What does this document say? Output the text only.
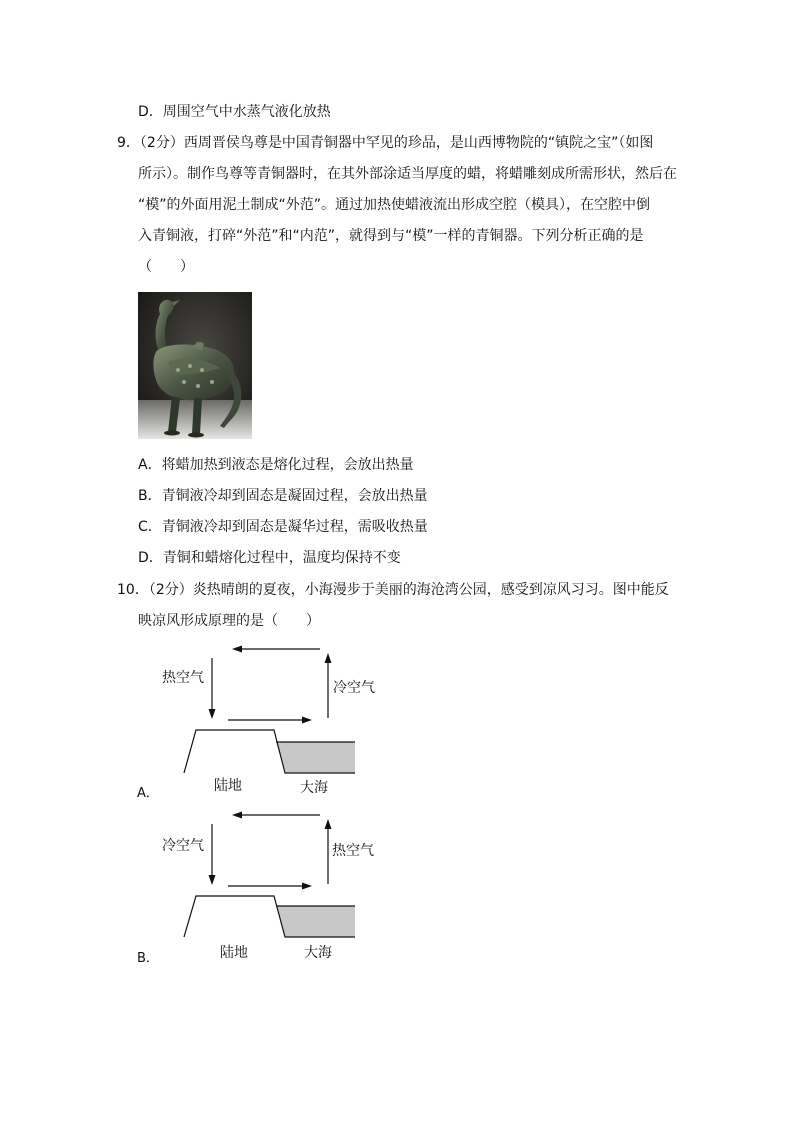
D．周围空气中水蒸气液化放热
9．（2分）西周晋侯鸟尊是中国青铜器中罕见的珍品，是山西博物院的“镇院之宝”（如图
所示）。制作鸟尊等青铜器时，在其外部涂适当厚度的蜡，将蜡雕刻成所需形状，然后在
“模”的外面用泥土制成“外范”。通过加热使蜡液流出形成空腔（模具），在空腔中倒
入青铜液，打碎“外范”和“内范”，就得到与“模”一样的青铜器。下列分析正确的是
（　　）
A．将蜡加热到液态是熔化过程，会放出热量
B．青铜液冷却到固态是凝固过程，会放出热量
C．青铜液冷却到固态是凝华过程，需吸收热量
D．青铜和蜡熔化过程中，温度均保持不变
10．（2分）炎热晴朗的夏夜，小海漫步于美丽的海沧湾公园，感受到凉风习习。图中能反
映凉风形成原理的是（　　）
热空气
冷空气
陆地	大海
A．
冷空气	热空气
陆地	大海
B．
